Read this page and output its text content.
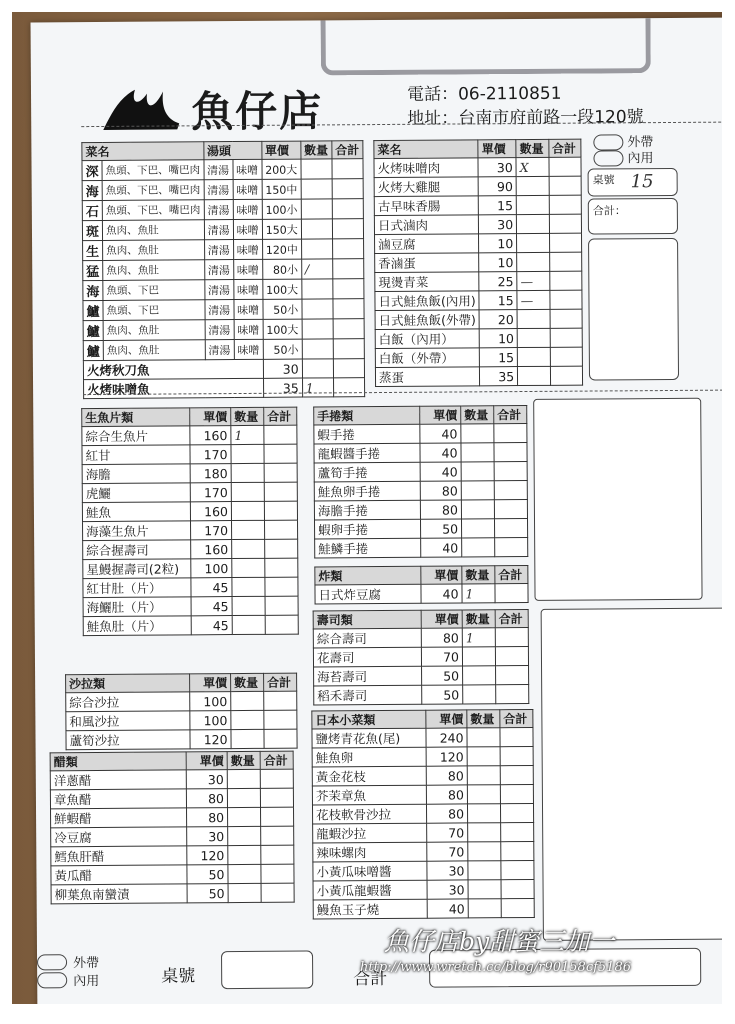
魚仔店	電話：06-2110851
地址：台南市府前路一段120號
菜名		湯頭		單價	數量	合計
深	魚頭、下巴、嘴巴肉	清湯	味噌	200大		
海	魚頭、下巴、嘴巴肉	清湯	味噌	150中		
石	魚頭、下巴、嘴巴肉	清湯	味噌	100小		
斑	魚肉、魚肚	清湯	味噌	150大		
生	魚肉、魚肚	清湯	味噌	120中		
猛	魚肉、魚肚	清湯	味噌	80小	/	
海	魚頭、下巴	清湯	味噌	100大		
鱸	魚頭、下巴	清湯	味噌	50小		
鱸	魚肉、魚肚	清湯	味噌	100大		
鱸	魚肉、魚肚	清湯	味噌	50小		
火烤秋刀魚				30		
火烤味噌魚				35	1	
菜名	單價	數量	合計
火烤味噌肉	30	X	
火烤大雞腿	90		
古早味香腸	15		
日式滷肉	30		
滷豆腐	10		
香滷蛋	10		
現燙青菜	25	—	
日式鮭魚飯(內用)	15	—	
日式鮭魚飯(外帶)	20		
白飯（內用）	10		
白飯（外帶）	15		
蒸蛋	35		
外帶
內用
桌號 15
合計：
生魚片類	單價	數量	合計
綜合生魚片	160	1	
紅甘	170		
海膽	180		
虎鱺	170		
鮭魚	160		
海藻生魚片	170		
綜合握壽司	160		
星鰻握壽司(2粒)	100		
紅甘肚（片）	45		
海鱺肚（片）	45		
鮭魚肚（片）	45		
沙拉類	單價	數量	合計
綜合沙拉	100		
和風沙拉	100		
蘆筍沙拉	120		
醋類	單價	數量	合計
洋蔥醋	30		
章魚醋	80		
鮮蝦醋	80		
冷豆腐	30		
鱈魚肝醋	120		
黃瓜醋	50		
柳葉魚南蠻漬	50		
手捲類	單價	數量	合計
蝦手捲	40		
龍蝦醬手捲	40		
蘆筍手捲	40		
鮭魚卵手捲	80		
海膽手捲	80		
蝦卵手捲	50		
鮭鱗手捲	40		
炸類	單價	數量	合計
日式炸豆腐	40	1	
壽司類	單價	數量	合計
綜合壽司	80	1	
花壽司	70		
海苔壽司	50		
稻禾壽司	50		
日本小菜類	單價	數量	合計
鹽烤青花魚(尾)	240		
鮭魚卵	120		
黃金花枝	80		
芥茉章魚	80		
花枝軟骨沙拉	80		
龍蝦沙拉	70		
辣味螺肉	70		
小黃瓜味噌醬	30		
小黃瓜龍蝦醬	30		
鰻魚玉子燒	40		
外帶
內用	桌號	合計
魚仔店by甜蜜三加一
http://www.wretch.cc/blog/r90158cf5186
